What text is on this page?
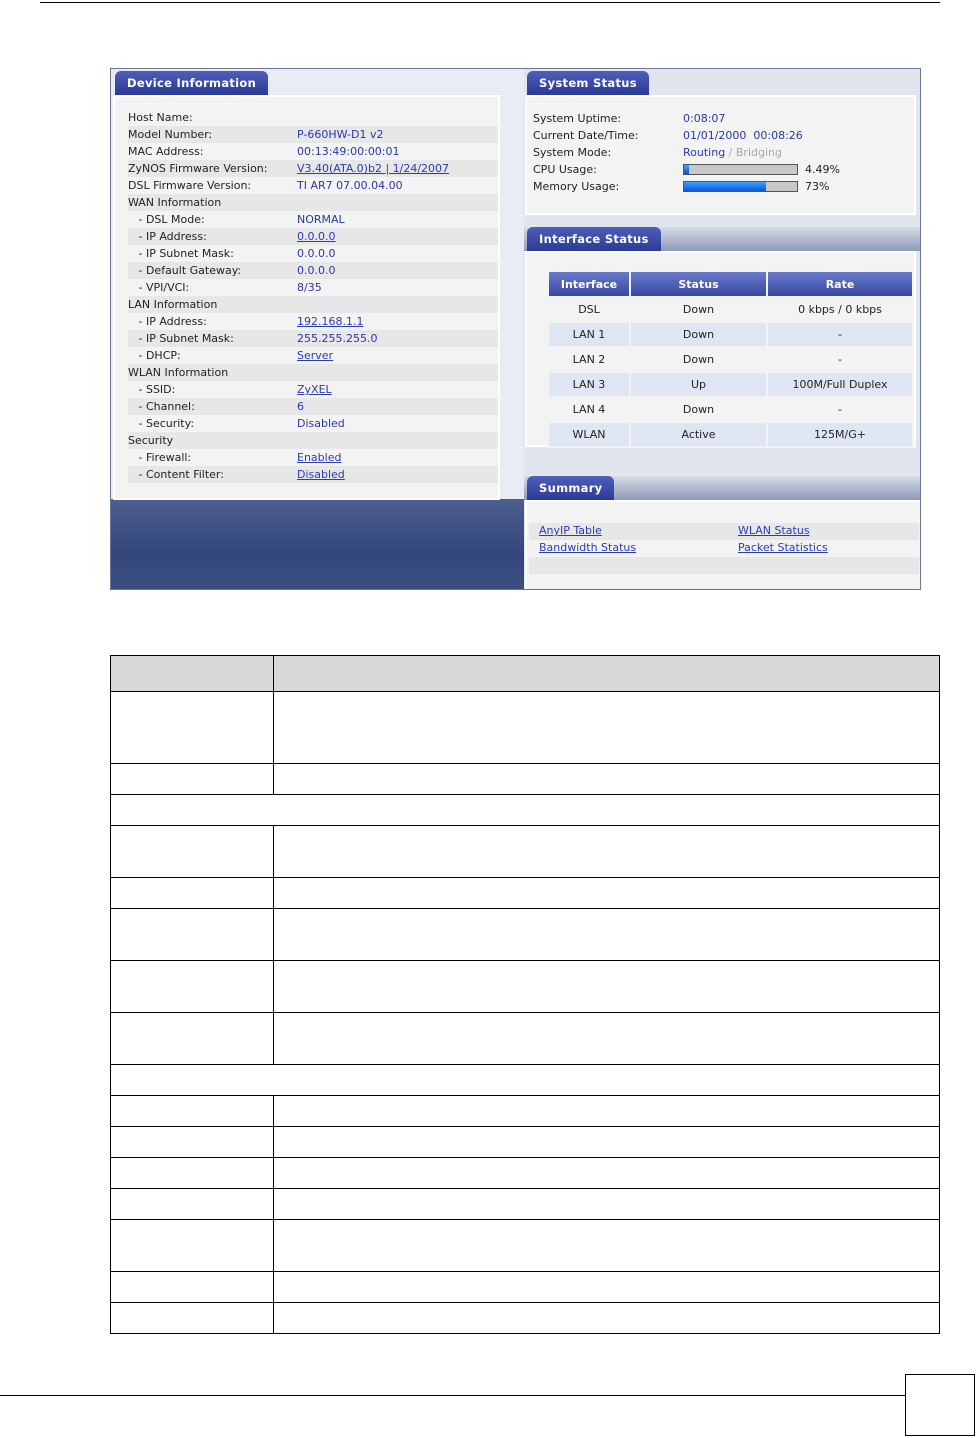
Device Information
Host Name:
Model Number:	P-660HW-D1 v2
MAC Address:	00:13:49:00:00:01
ZyNOS Firmware Version:	V3.40(ATA.0)b2 | 1/24/2007
DSL Firmware Version:	TI AR7 07.00.04.00
WAN Information
- DSL Mode:	NORMAL
- IP Address:	0.0.0.0
- IP Subnet Mask:	0.0.0.0
- Default Gateway:	0.0.0.0
- VPI/VCI:	8/35
LAN Information
- IP Address:	192.168.1.1
- IP Subnet Mask:	255.255.255.0
- DHCP:	Server
WLAN Information
- SSID:	ZyXEL
- Channel:	6
- Security:	Disabled
Security
- Firewall:	Enabled
- Content Filter:	Disabled
System Status
System Uptime:	0:08:07
Current Date/Time:	01/01/2000  00:08:26
System Mode:	Routing / Bridging
CPU Usage:	4.49%
Memory Usage:	73%
Interface Status
Interface	Status	Rate
DSL	Down	0 kbps / 0 kbps
LAN 1	Down	-
LAN 2	Down	-
LAN 3	Up	100M/Full Duplex
LAN 4	Down	-
WLAN	Active	125M/G+
Summary
AnyIP Table	WLAN Status
Bandwidth Status	Packet Statistics
